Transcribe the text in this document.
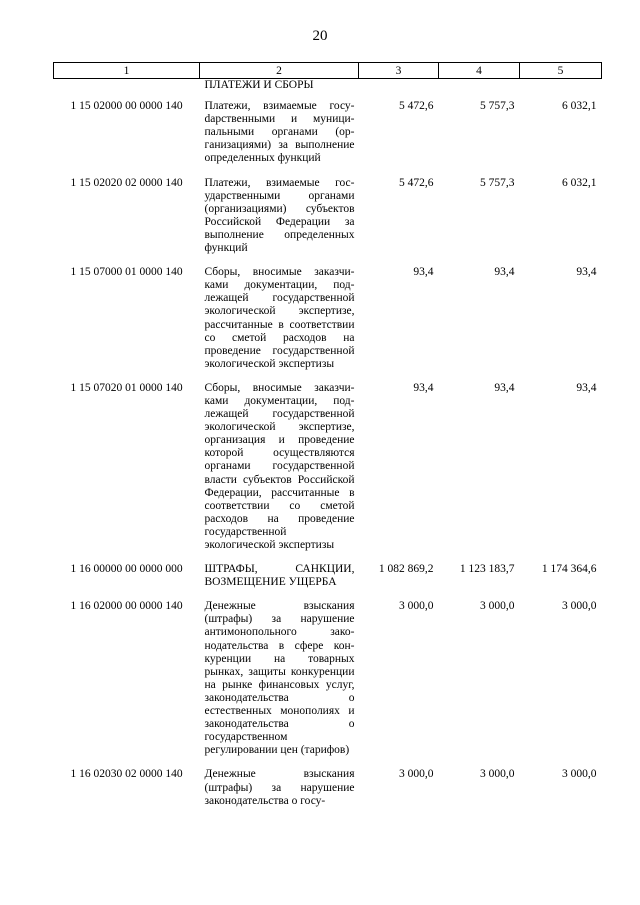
20
1	2	3	4	5
	ПЛАТЕЖИ И СБОРЫ			

1 15 02000 00 0000 140	Платежи, взимаемые госуdарственными и муниципальными органами (организациями) за выполнение определенных функций	5 472,6	5 757,3	6 032,1

1 15 02020 02 0000 140	Платежи, взимаемые государственными органами (организациями) субъектов Российской Федерации за выполнение определенных функций	5 472,6	5 757,3	6 032,1

1 15 07000 01 0000 140	Сборы, вносимые заказчиками документации, подлежащей государственной экологической экспертизе, рассчитанные в соответствии со сметой расходов на проведение государственной экологической экспертизы	93,4	93,4	93,4

1 15 07020 01 0000 140	Сборы, вносимые заказчиками документации, подлежащей государственной экологической экспертизе, организация и проведение которой осуществляются органами государственной власти субъектов Российской Федерации, рассчитанные в соответствии со сметой расходов на проведение государственной экологической экспертизы	93,4	93,4	93,4

1 16 00000 00 0000 000	ШТРАФЫ, САНКЦИИ, ВОЗМЕЩЕНИЕ УЩЕРБА	1 082 869,2	1 123 183,7	1 174 364,6

1 16 02000 00 0000 140	Денежные взыскания (штрафы) за нарушение антимонопольного законодательства в сфере конкуренции на товарных рынках, защиты конкуренции на рынке финансовых услуг, законодательства о естественных монополиях и законодательства о государственном регулировании цен (тарифов)	3 000,0	3 000,0	3 000,0

1 16 02030 02 0000 140	Денежные взыскания (штрафы) за нарушение законодательства о госу-	3 000,0	3 000,0	3 000,0
